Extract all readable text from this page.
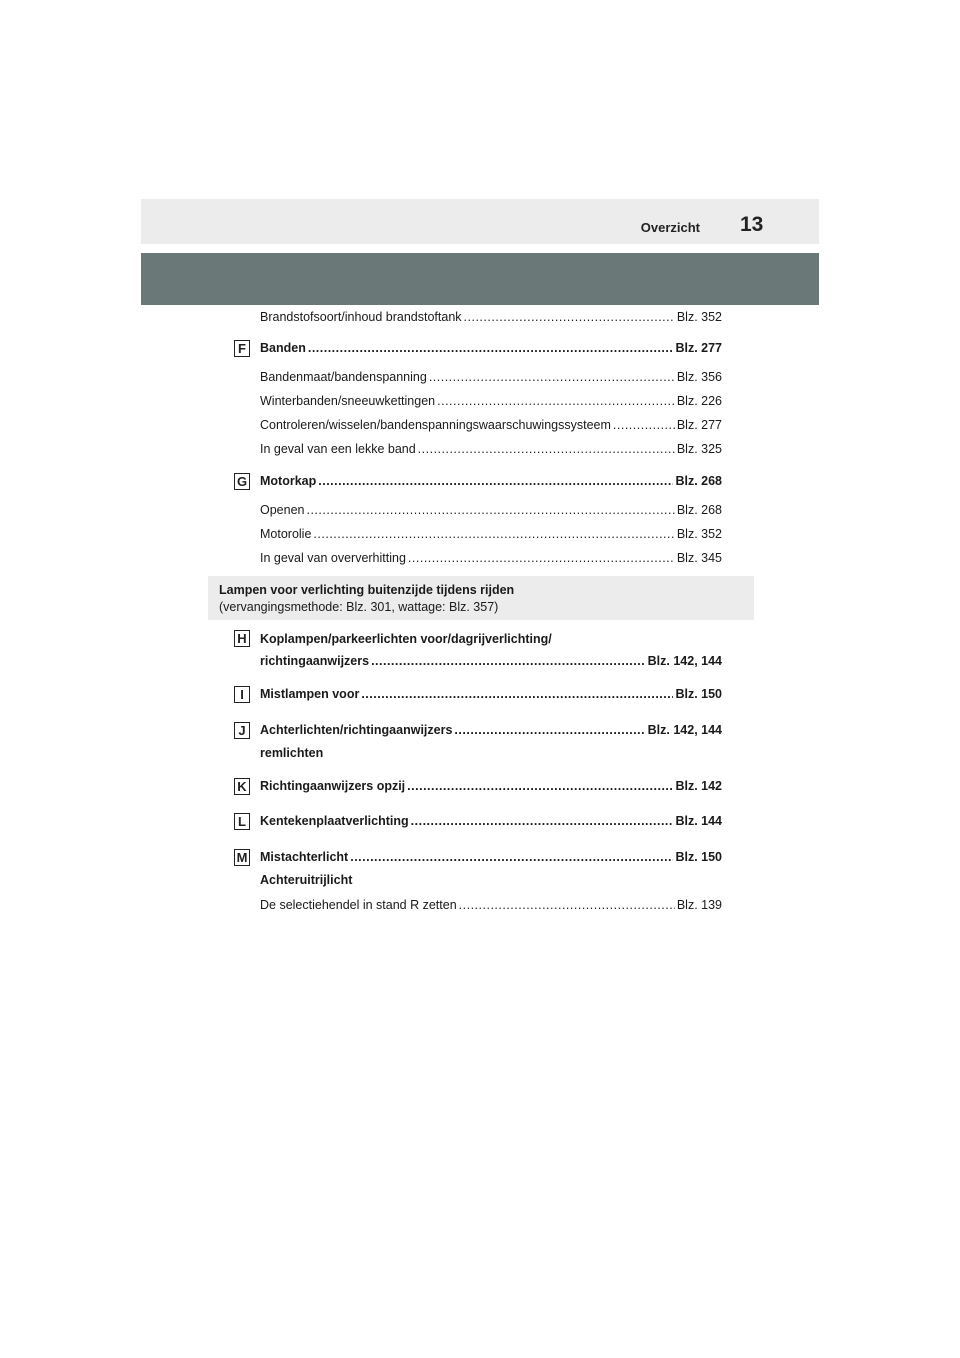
Overzicht 13
Brandstofsoort/inhoud brandstoftank .....	Blz. 352
F	Banden .....	Blz. 277
Bandenmaat/bandenspanning .....	Blz. 356
Winterbanden/sneeuwkettingen .....	Blz. 226
Controleren/wisselen/bandenspanningswaarschuwingssysteem .....	Blz. 277
In geval van een lekke band .....	Blz. 325
G Motorkap .....	Blz. 268
Openen .....	Blz. 268
Motorolie .....	Blz. 352
In geval van oververhitting .....	Blz. 345
Lampen voor verlichting buitenzijde tijdens rijden
(vervangingsmethode: Blz. 301, wattage: Blz. 357)
H Koplampen/parkeerlichten voor/dagrijverlichting/
richtingaanwijzers .....	Blz. 142, 144
I	Mistlampen voor .....	Blz. 150
J	Achterlichten/richtingaanwijzers .....	Blz. 142, 144
remlichten
K Richtingaanwijzers opzij .....	Blz. 142
L	Kentekenplaatverlichting .....	Blz. 144
M Mistachterlicht .....	Blz. 150
Achteruitrijlicht
De selectiehendel in stand R zetten .....	Blz. 139
